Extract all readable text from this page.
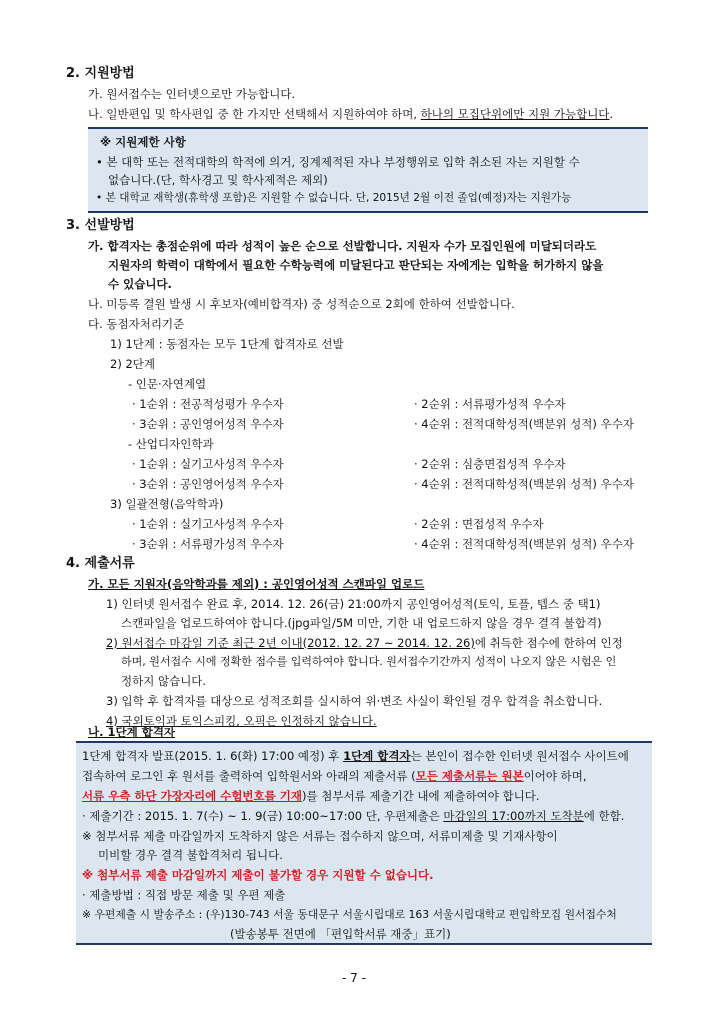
2. 지원방법
가. 원서접수는 인터넷으로만 가능합니다.
나. 일반편입 및 학사편입 중 한 가지만 선택해서 지원하여야 하며, 하나의 모집단위에만 지원 가능합니다.
※ 지원제한 사항
• 본 대학 또는 전적대학의 학적에 의거, 징계제적된 자나 부정행위로 입학 취소된 자는 지원할 수
없습니다.(단, 학사경고 및 학사제적은 제외)
• 본 대학교 재학생(휴학생 포함)은 지원할 수 없습니다. 단, 2015년 2월 이전 졸업(예정)자는 지원가능
3. 선발방법
가. 합격자는 총점순위에 따라 성적이 높은 순으로 선발합니다. 지원자 수가 모집인원에 미달되더라도
지원자의 학력이 대학에서 필요한 수학능력에 미달된다고 판단되는 자에게는 입학을 허가하지 않을
수 있습니다.
나. 미등록 결원 발생 시 후보자(예비합격자) 중 성적순으로 2회에 한하여 선발합니다.
다. 동점자처리기준
1) 1단계 : 동점자는 모두 1단계 합격자로 선발
2) 2단계
- 인문·자연계열
· 1순위 : 전공적성평가 우수자	· 2순위 : 서류평가성적 우수자
· 3순위 : 공인영어성적 우수자	· 4순위 : 전적대학성적(백분위 성적) 우수자
- 산업디자인학과
· 1순위 : 실기고사성적 우수자	· 2순위 : 심층면접성적 우수자
· 3순위 : 공인영어성적 우수자	· 4순위 : 전적대학성적(백분위 성적) 우수자
3) 일괄전형(음악학과)
· 1순위 : 실기고사성적 우수자	· 2순위 : 면접성적 우수자
· 3순위 : 서류평가성적 우수자	· 4순위 : 전적대학성적(백분위 성적) 우수자
4. 제출서류
가. 모든 지원자(음악학과를 제외) : 공인영어성적 스캔파일 업로드
1) 인터넷 원서접수 완료 후, 2014. 12. 26(금) 21:00까지 공인영어성적(토익, 토플, 텝스 중 택1)
스캔파일을 업로드하여야 합니다.(jpg파일/5M 미만, 기한 내 업로드하지 않을 경우 결격 불합격)
2) 원서접수 마감일 기준 최근 2년 이내(2012. 12. 27 ~ 2014. 12. 26)에 취득한 점수에 한하여 인정
하며, 원서접수 시에 정확한 점수를 입력하여야 합니다. 원서접수기간까지 성적이 나오지 않은 시험은 인
정하지 않습니다.
3) 입학 후 합격자를 대상으로 성적조회를 실시하여 위·변조 사실이 확인될 경우 합격을 취소합니다.
4) 국외토익과 토익스피킹, 오픽은 인정하지 않습니다.
나. 1단계 합격자
1단계 합격자 발표(2015. 1. 6(화) 17:00 예정) 후 1단계 합격자는 본인이 접수한 인터넷 원서접수 사이트에
접속하여 로그인 후 원서를 출력하여 입학원서와 아래의 제출서류 (모든 제출서류는 원본이어야 하며,
서류 우측 하단 가장자리에 수험번호를 기재)를 첨부서류 제출기간 내에 제출하여야 합니다.
· 제출기간 : 2015. 1. 7(수) ~ 1. 9(금) 10:00~17:00 단, 우편제출은 마감일의 17:00까지 도착분에 한함.
※ 첨부서류 제출 마감일까지 도착하지 않은 서류는 접수하지 않으며, 서류미제출 및 기재사항이
미비할 경우 결격 불합격처리 됩니다.
※ 첨부서류 제출 마감일까지 제출이 불가할 경우 지원할 수 없습니다.
· 제출방법 : 직접 방문 제출 및 우편 제출
※ 우편제출 시 발송주소 : (우)130-743 서울 동대문구 서울시립대로 163 서울시립대학교 편입학모집 원서접수처
(발송봉투 전면에 「편입학서류 재중」표기)
- 7 -
